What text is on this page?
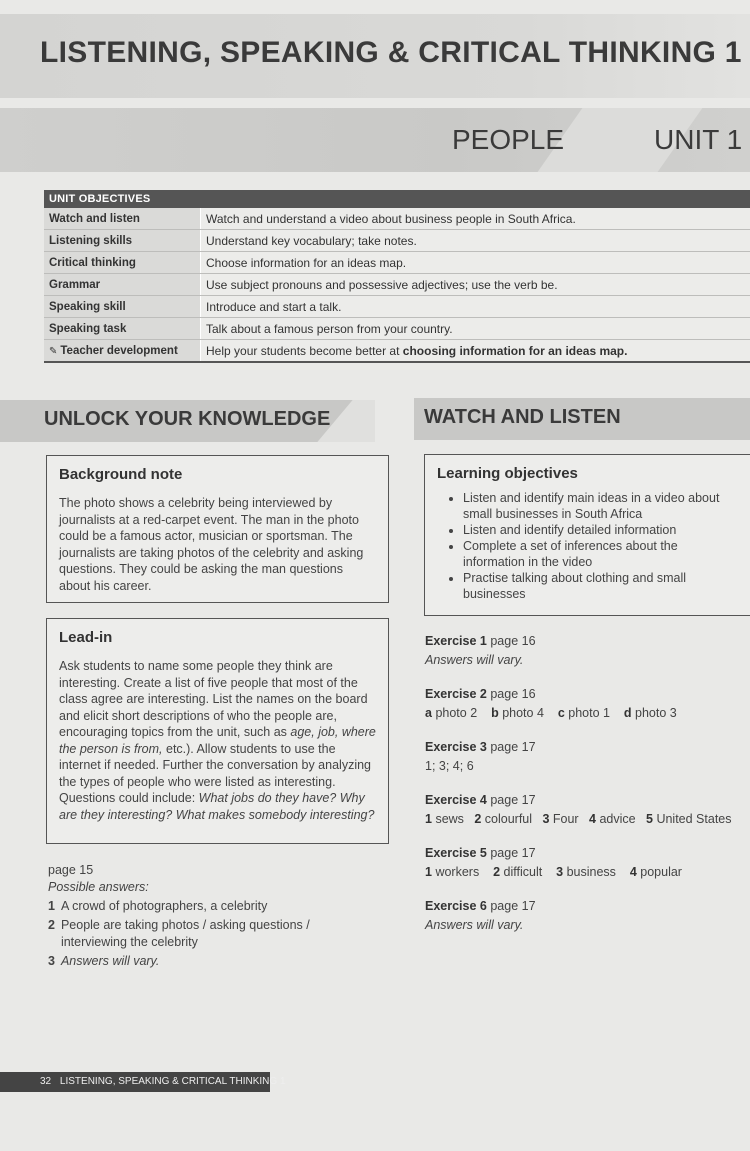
LISTENING, SPEAKING & CRITICAL THINKING 1
PEOPLE	UNIT 1
UNIT OBJECTIVES	
Watch and listen	Watch and understand a video about business people in South Africa.
Listening skills	Understand key vocabulary; take notes.
Critical thinking	Choose information for an ideas map.
Grammar	Use subject pronouns and possessive adjectives; use the verb be.
Speaking skill	Introduce and start a talk.
Speaking task	Talk about a famous person from your country.
✎ Teacher development	Help your students become better at choosing information for an ideas map.
UNLOCK YOUR KNOWLEDGE
Background note

The photo shows a celebrity being interviewed by journalists at a red-carpet event. The man in the photo could be a famous actor, musician or sportsman. The journalists are taking photos of the celebrity and asking questions. They could be asking the man questions about his career.

Lead-in

Ask students to name some people they think are interesting. Create a list of five people that most of the class agree are interesting. List the names on the board and elicit short descriptions of who the people are, encouraging topics from the unit, such as age, job, where the person is from, etc.). Allow students to use the internet if needed. Further the conversation by analyzing the types of people who were listed as interesting. Questions could include: What jobs do they have? Why are they interesting? What makes somebody interesting?

page 15
Possible answers:
1 A crowd of photographers, a celebrity
2 People are taking photos / asking questions / interviewing the celebrity
3 Answers will vary.
WATCH AND LISTEN
Learning objectives
• Listen and identify main ideas in a video about small businesses in South Africa
• Listen and identify detailed information
• Complete a set of inferences about the information in the video
• Practise talking about clothing and small businesses
Exercise 1 page 16
Answers will vary.
Exercise 2 page 16
a photo 2 b photo 4 c photo 1 d photo 3
Exercise 3 page 17
1; 3; 4; 6
Exercise 4 page 17
1 sews 2 colourful 3 Four 4 advice 5 United States
Exercise 5 page 17
1 workers 2 difficult 3 business 4 popular
Exercise 6 page 17
Answers will vary.
32 LISTENING, SPEAKING & CRITICAL THINKING 1
